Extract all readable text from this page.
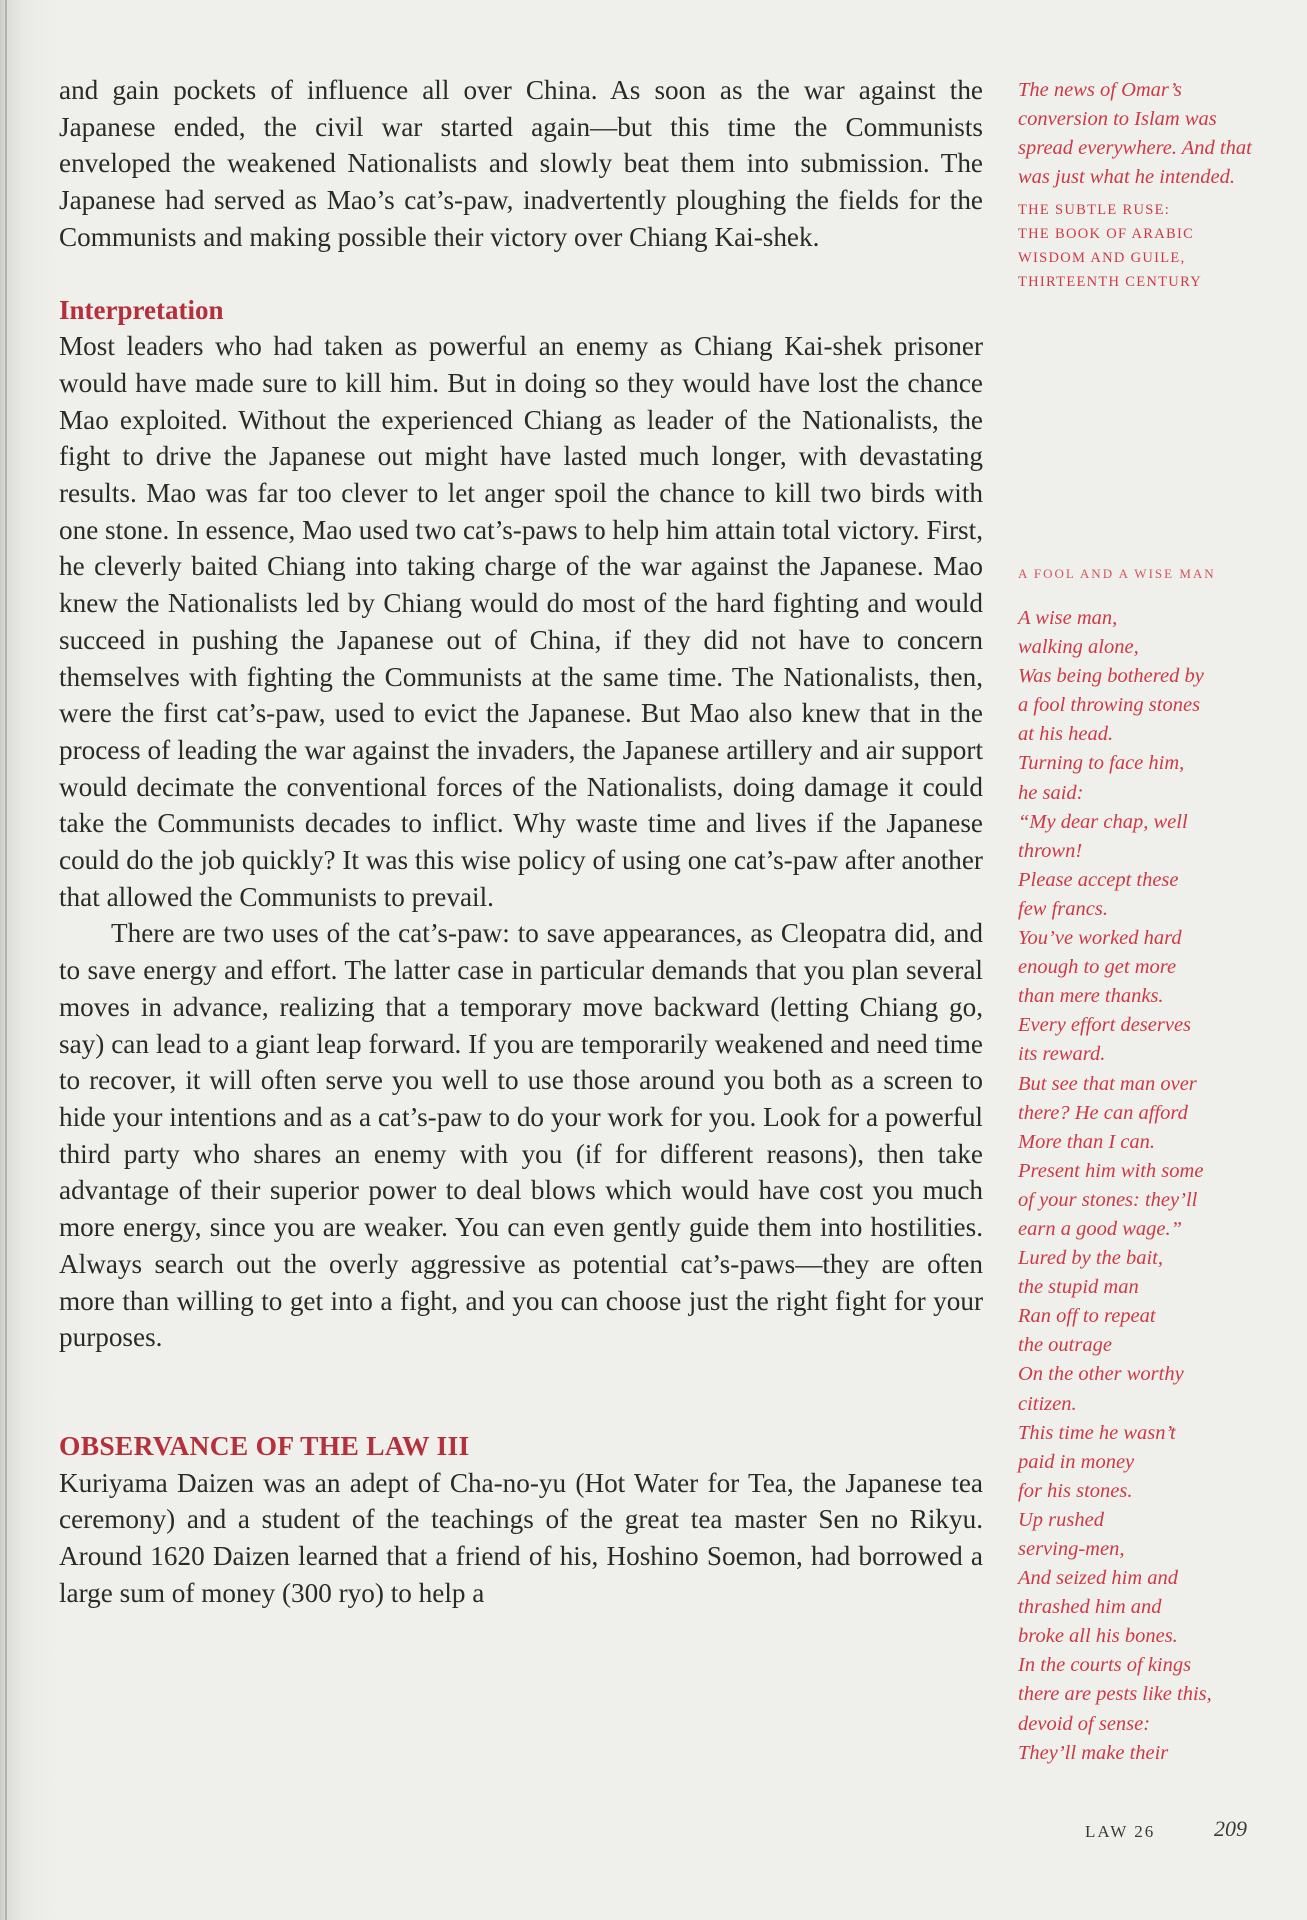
and gain pockets of influence all over China. As soon as the war against the Japanese ended, the civil war started again—but this time the Communists enveloped the weakened Nationalists and slowly beat them into submission. The Japanese had served as Mao’s cat’s-paw, inadvertently ploughing the fields for the Communists and making possible their victory over Chiang Kai-shek.

Interpretation

Most leaders who had taken as powerful an enemy as Chiang Kai-shek prisoner would have made sure to kill him. But in doing so they would have lost the chance Mao exploited. Without the experienced Chiang as leader of the Nationalists, the fight to drive the Japanese out might have lasted much longer, with devastating results. Mao was far too clever to let anger spoil the chance to kill two birds with one stone. In essence, Mao used two cat’s-paws to help him attain total victory. First, he cleverly baited Chiang into taking charge of the war against the Japanese. Mao knew the Nationalists led by Chiang would do most of the hard fighting and would succeed in pushing the Japanese out of China, if they did not have to concern themselves with fighting the Communists at the same time. The Nationalists, then, were the first cat’s-paw, used to evict the Japanese. But Mao also knew that in the process of leading the war against the invaders, the Japanese artillery and air support would decimate the conventional forces of the Nationalists, doing damage it could take the Communists decades to inflict. Why waste time and lives if the Japanese could do the job quickly? It was this wise policy of using one cat’s-paw after another that allowed the Communists to prevail.

There are two uses of the cat’s-paw: to save appearances, as Cleopatra did, and to save energy and effort. The latter case in particular demands that you plan several moves in advance, realizing that a temporary move backward (letting Chiang go, say) can lead to a giant leap forward. If you are temporarily weakened and need time to recover, it will often serve you well to use those around you both as a screen to hide your intentions and as a cat’s-paw to do your work for you. Look for a powerful third party who shares an enemy with you (if for different reasons), then take advantage of their superior power to deal blows which would have cost you much more energy, since you are weaker. You can even gently guide them into hostilities. Always search out the overly aggressive as potential cat’s-paws—they are often more than willing to get into a fight, and you can choose just the right fight for your purposes.

OBSERVANCE OF THE LAW III

Kuriyama Daizen was an adept of Cha-no-yu (Hot Water for Tea, the Japanese tea ceremony) and a student of the teachings of the great tea master Sen no Rikyu. Around 1620 Daizen learned that a friend of his, Hoshino Soemon, had borrowed a large sum of money (300 ryo) to help a

The news of Omar’s conversion to Islam was spread everywhere. And that was just what he intended.
THE SUBTLE RUSE:
THE BOOK OF ARABIC
WISDOM AND GUILE,
THIRTEENTH CENTURY
A FOOL AND A WISE MAN
A wise man,
walking alone,
Was being bothered by
a fool throwing stones
at his head.
Turning to face him,
he said:
“My dear chap, well
thrown!
Please accept these
few francs.
You’ve worked hard
enough to get more
than mere thanks.
Every effort deserves
its reward.
But see that man over
there? He can afford
More than I can.
Present him with some
of your stones: they’ll
earn a good wage.”
Lured by the bait,
the stupid man
Ran off to repeat
the outrage
On the other worthy
citizen.
This time he wasn’t
paid in money
for his stones.
Up rushed
serving-men,
And seized him and
thrashed him and
broke all his bones.
In the courts of kings
there are pests like this,
devoid of sense:
They’ll make their
LAW 26	209
